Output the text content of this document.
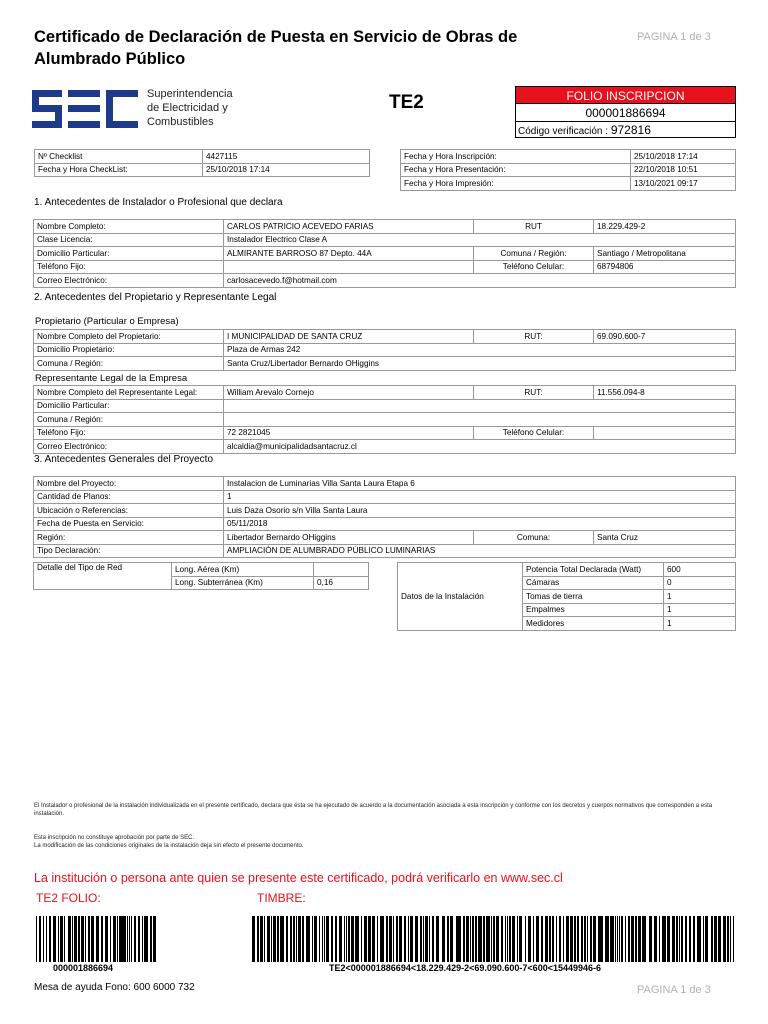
Certificado de Declaración de Puesta en Servicio de Obras de Alumbrado Público
PAGINA 1 de 3
Superintendencia
de Electricidad y
Combustibles
TE2	FOLIO INSCRIPCION
000001886694
Código verificación : 972816
Nº Checklist	4427115
Fecha y Hora CheckList:	25/10/2018 17:14
Fecha y Hora Inscripción:	25/10/2018 17:14
Fecha y Hora Presentación:	22/10/2018 10:51
Fecha y Hora Impresión:	13/10/2021 09:17
1. Antecedentes de Instalador o Profesional que declara
Nombre Completo:	CARLOS PATRICIO ACEVEDO FARIAS	RUT	18.229.429-2
Clase Licencia:	Instalador Electrico Clase A		
Domicilio Particular:	ALMIRANTE BARROSO 87 Depto. 44A	Comuna / Región:	Santiago / Metropolitana
Teléfono Fijo:		Teléfono Celular:	68794806
Correo Electrónico:	carlosacevedo.f@hotmail.com		
2. Antecedentes del Propietario y Representante Legal
Propietario (Particular o Empresa)
Nombre Completo del Propietario:	I MUNICIPALIDAD DE SANTA CRUZ	RUT:	69.090.600-7
Domicilio Propietario:	Plaza de Armas 242		
Comuna / Región:	Santa Cruz/Libertador Bernardo OHiggins		
Representante Legal de la Empresa
Nombre Completo del Representante Legal:	William Arevalo Cornejo	RUT:	11.556.094-8
Domicilio Particular:			
Comuna / Región:			
Teléfono Fijo:	72 2821045	Teléfono Celular:	
Correo Electrónico:	alcaldia@municipalidadsantacruz.cl		
3. Antecedentes Generales del Proyecto
Nombre del Proyecto:	Instalacion de Luminarias Villa Santa Laura Etapa 6		
Cantidad de Planos:	1		
Ubicación o Referencias:	Luis Daza Osorio s/n Villa Santa Laura		
Fecha de Puesta en Servicio:	05/11/2018		
Región:	Libertador Bernardo OHiggins	Comuna:	Santa Cruz
Tipo Declaración:	AMPLIACIÓN DE ALUMBRADO PÚBLICO LUMINARIAS		
Detalle del Tipo de Red	Long. Aérea (Km)	
	Long. Subterránea (Km)	0,16
Datos de la Instalación	Potencia Total Declarada (Watt)	600
	Cámaras	0
	Tomas de tierra	1
	Empalmes	1
	Medidores	1
El Instalador o profesional de la instalación individualizada en el presente certificado, declara que ésta se ha ejecutado de acuerdo a la documentación asociada a esta inscripción y conforme con los decretos y cuerpos normativos que corresponden a esta instalación.
Esta inscripción no constituye aprobación por parte de SEC.
La modificación de las condiciones originales de la instalación deja sin efecto el presente documento.
La institución o persona ante quien se presente este certificado, podrá verificarlo en www.sec.cl
TE2 FOLIO:	TIMBRE:
000001886694	TE2<000001886694<18.229.429-2<69.090.600-7<600<15449946-6
Mesa de ayuda Fono: 600 6000 732	PAGINA 1 de 3
